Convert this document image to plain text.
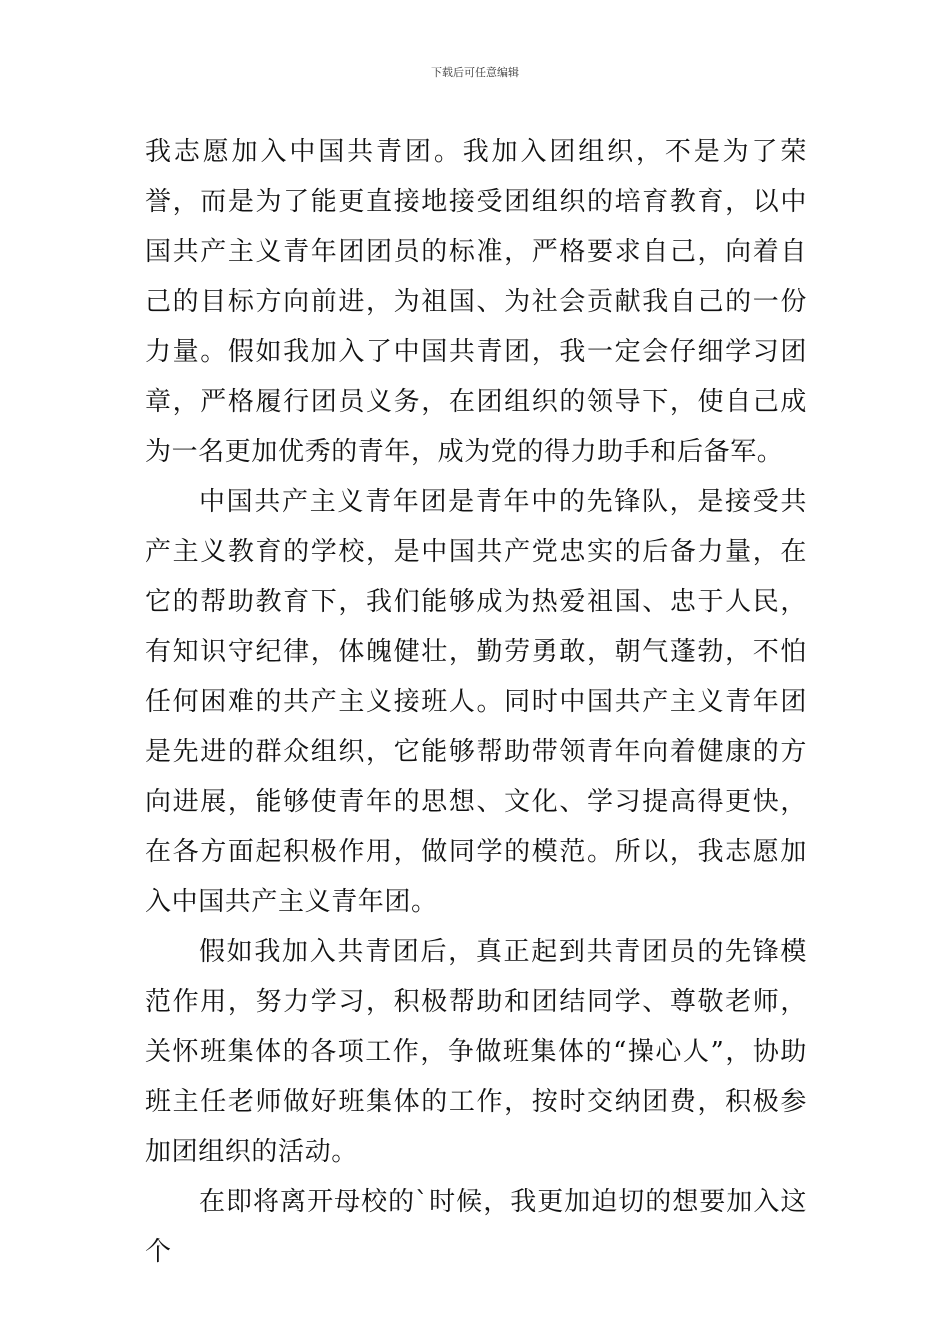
下载后可任意编辑

我志愿加入中国共青团。我加入团组织，不是为了荣誉，而是为了能更直接地接受团组织的培育教育，以中国共产主义青年团团员的标准，严格要求自己，向着自己的目标方向前进，为祖国、为社会贡献我自己的一份力量。假如我加入了中国共青团，我一定会仔细学习团章，严格履行团员义务，在团组织的领导下，使自己成为一名更加优秀的青年，成为党的得力助手和后备军。

中国共产主义青年团是青年中的先锋队，是接受共产主义教育的学校，是中国共产党忠实的后备力量，在它的帮助教育下，我们能够成为热爱祖国、忠于人民，有知识守纪律，体魄健壮，勤劳勇敢，朝气蓬勃，不怕任何困难的共产主义接班人。同时中国共产主义青年团是先进的群众组织，它能够帮助带领青年向着健康的方向进展，能够使青年的思想、文化、学习提高得更快，在各方面起积极作用，做同学的模范。所以，我志愿加入中国共产主义青年团。

假如我加入共青团后，真正起到共青团员的先锋模范作用，努力学习，积极帮助和团结同学、尊敬老师，关怀班集体的各项工作，争做班集体的“操心人”，协助班主任老师做好班集体的工作，按时交纳团费，积极参加团组织的活动。

在即将离开母校的`时候，我更加迫切的想要加入这个
